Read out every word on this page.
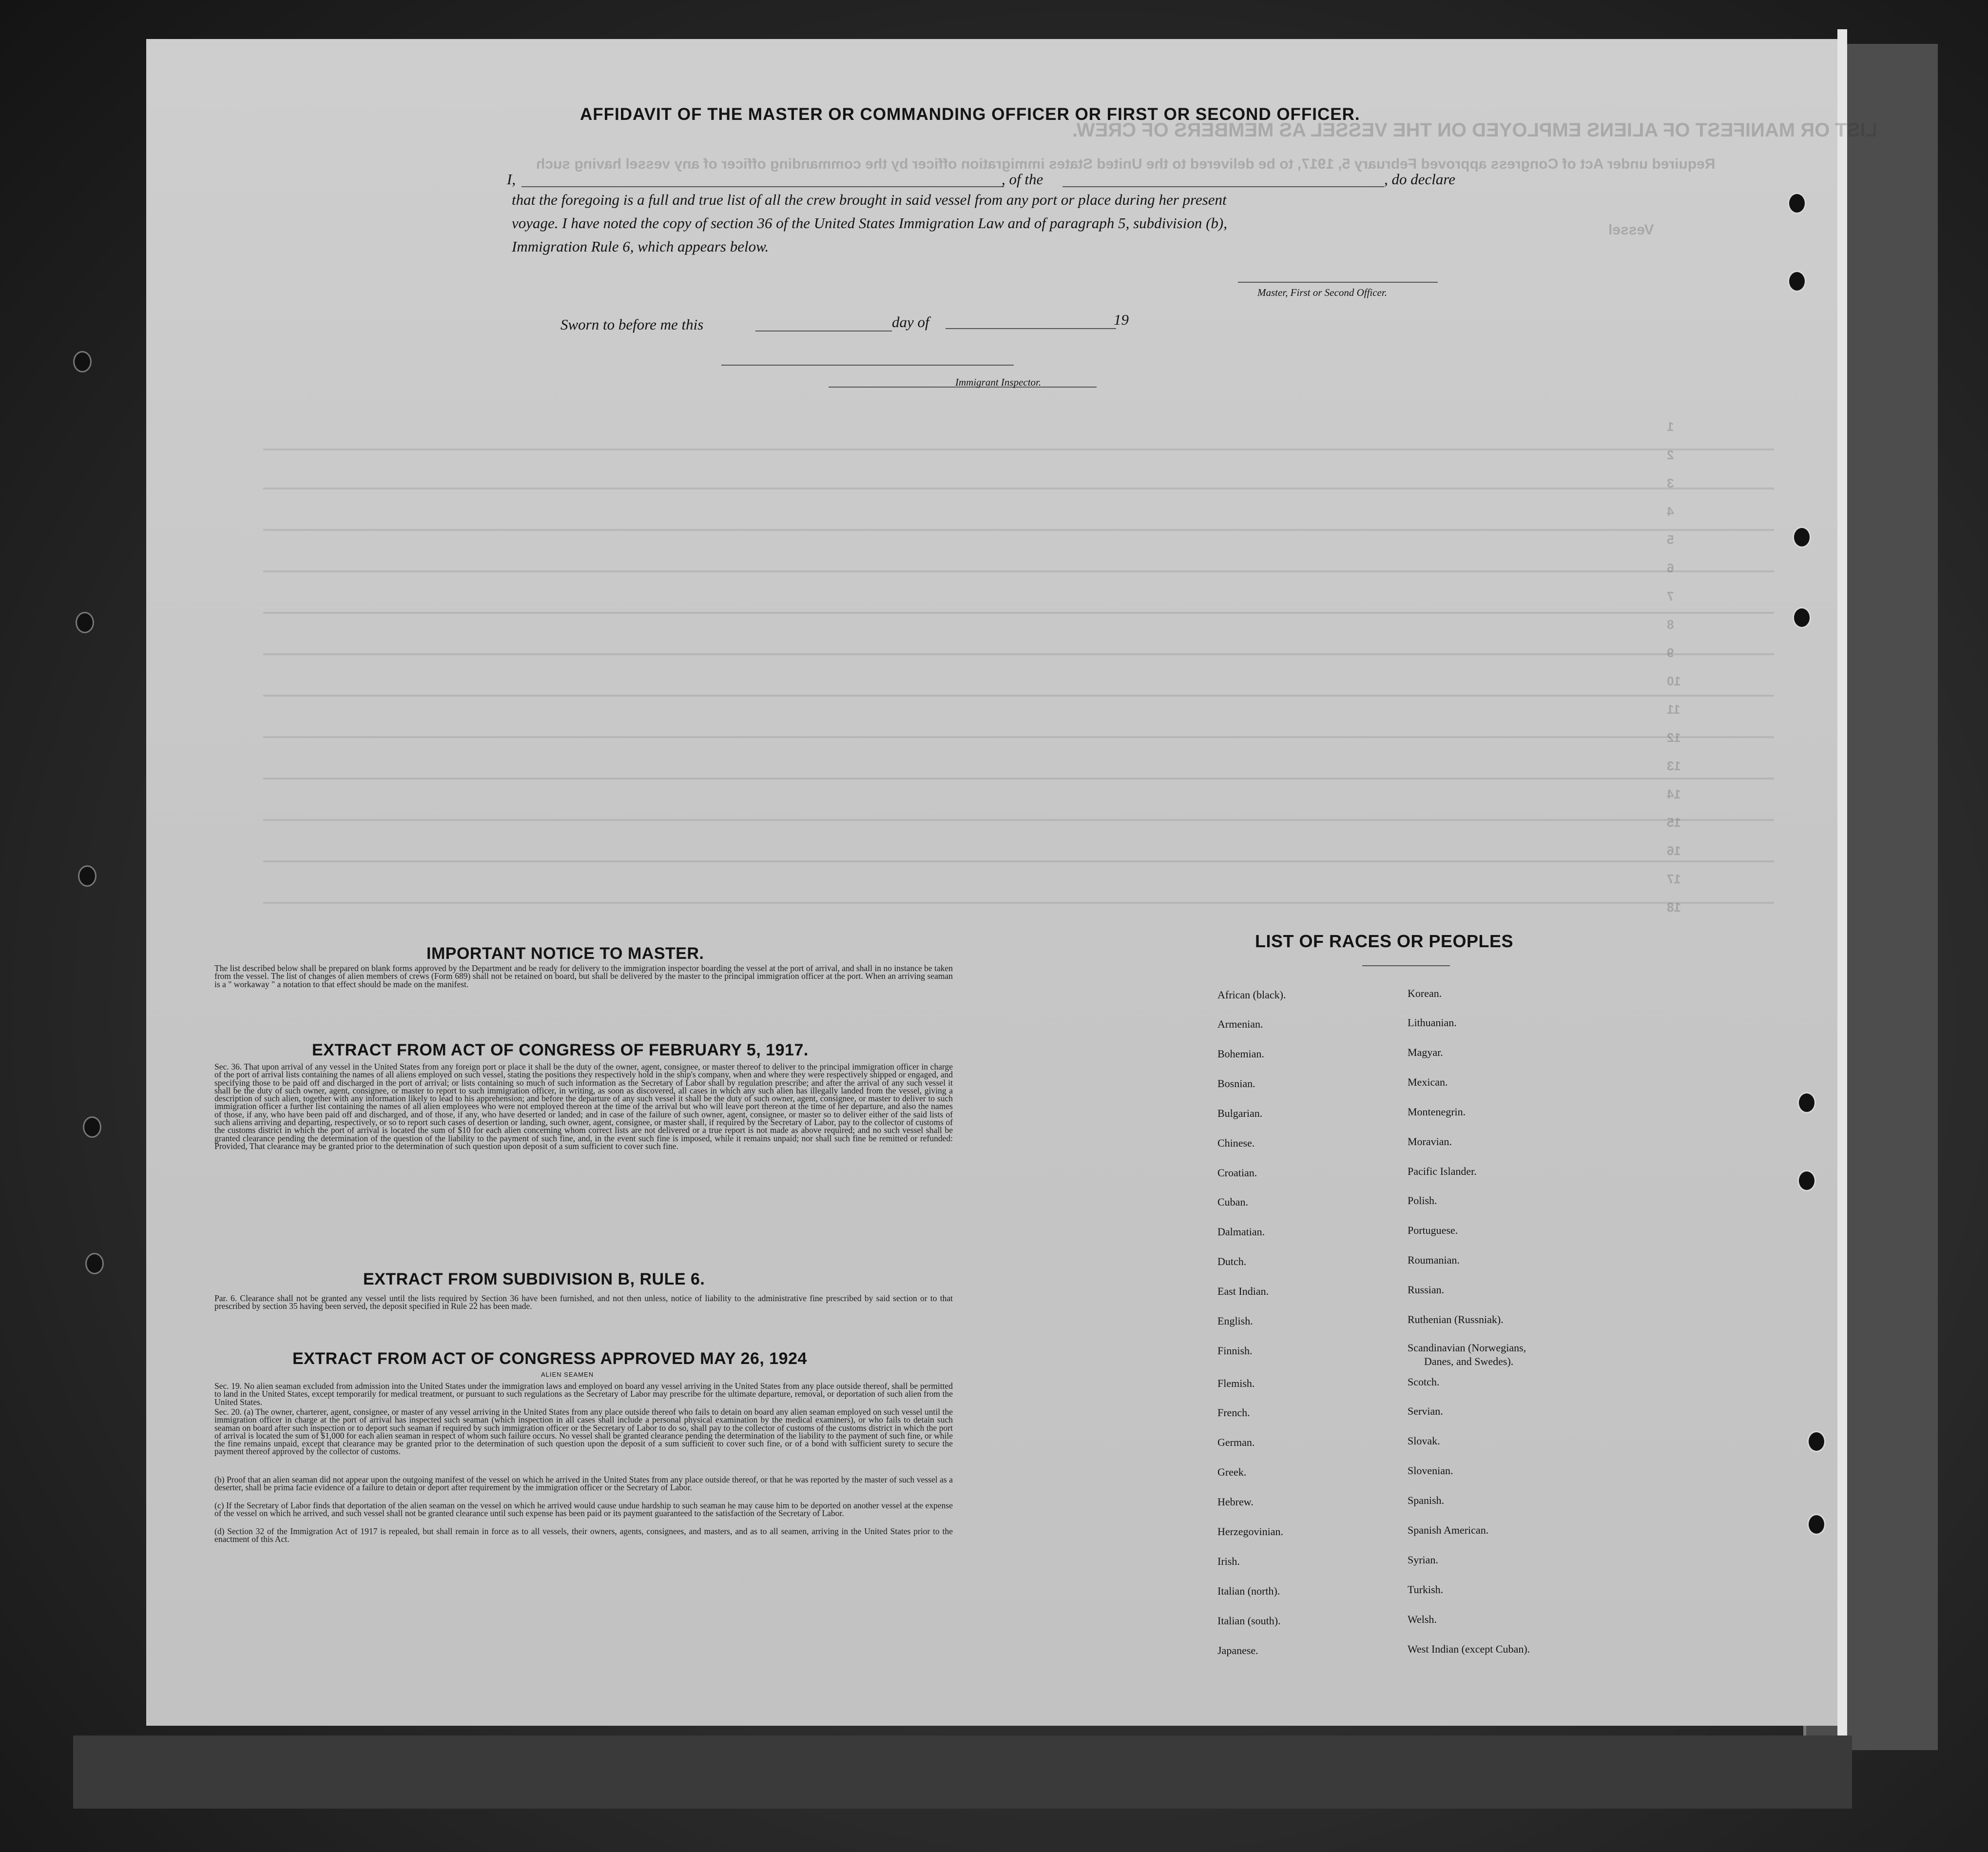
LIST OR MANIFEST OF ALIENS EMPLOYED ON THE VESSEL AS MEMBERS OF CREW.
Required under Act of Congress approved February 5, 1917, to be delivered to the United States immigration officer by the commanding officer of any vessel having such
Vessel
AFFIDAVIT OF THE MASTER OR COMMANDING OFFICER OR FIRST OR SECOND OFFICER.
I,	, of the	, do declare
that the foregoing is a full and true list of all the crew brought in said vessel from any port or place during her present
voyage. I have noted the copy of section 36 of the United States Immigration Law and of paragraph 5, subdivision (b),
Immigration Rule 6, which appears below.
Master, First or Second Officer.
Sworn to before me this	day of	19
Immigrant Inspector.
IMPORTANT NOTICE TO MASTER.
The list described below shall be prepared on blank forms approved by the Department and be ready for delivery to the immigration inspector boarding the vessel at the port of arrival, and shall in no instance be taken from the vessel. The list of changes of alien members of crews (Form 689) shall not be retained on board, but shall be delivered by the master to the principal immigration officer at the port. When an arriving seaman is a " workaway " a notation to that effect should be made on the manifest.
EXTRACT FROM ACT OF CONGRESS OF FEBRUARY 5, 1917.
Sec. 36. That upon arrival of any vessel in the United States from any foreign port or place it shall be the duty of the owner, agent, consignee, or master thereof to deliver to the principal immigration officer in charge of the port of arrival lists containing the names of all aliens employed on such vessel, stating the positions they respectively hold in the ship's company, when and where they were respectively shipped or engaged, and specifying those to be paid off and discharged in the port of arrival; or lists containing so much of such information as the Secretary of Labor shall by regulation prescribe; and after the arrival of any such vessel it shall be the duty of such owner, agent, consignee, or master to report to such immigration officer, in writing, as soon as discovered, all cases in which any such alien has illegally landed from the vessel, giving a description of such alien, together with any information likely to lead to his apprehension; and before the departure of any such vessel it shall be the duty of such owner, agent, consignee, or master to deliver to such immigration officer a further list containing the names of all alien employees who were not employed thereon at the time of the arrival but who will leave port thereon at the time of her departure, and also the names of those, if any, who have been paid off and discharged, and of those, if any, who have deserted or landed; and in case of the failure of such owner, agent, consignee, or master so to deliver either of the said lists of such aliens arriving and departing, respectively, or so to report such cases of desertion or landing, such owner, agent, consignee, or master shall, if required by the Secretary of Labor, pay to the collector of customs of the customs district in which the port of arrival is located the sum of $10 for each alien concerning whom correct lists are not delivered or a true report is not made as above required; and no such vessel shall be granted clearance pending the determination of the question of the liability to the payment of such fine, and, in the event such fine is imposed, while it remains unpaid; nor shall such fine be remitted or refunded: Provided, That clearance may be granted prior to the determination of such question upon deposit of a sum sufficient to cover such fine.
EXTRACT FROM SUBDIVISION B, RULE 6.
Par. 6. Clearance shall not be granted any vessel until the lists required by Section 36 have been furnished, and not then unless, notice of liability to the administrative fine prescribed by said section or to that prescribed by section 35 having been served, the deposit specified in Rule 22 has been made.
EXTRACT FROM ACT OF CONGRESS APPROVED MAY 26, 1924
ALIEN SEAMEN
Sec. 19. No alien seaman excluded from admission into the United States under the immigration laws and employed on board any vessel arriving in the United States from any place outside thereof, shall be permitted to land in the United States, except temporarily for medical treatment, or pursuant to such regulations as the Secretary of Labor may prescribe for the ultimate departure, removal, or deportation of such alien from the United States.
Sec. 20. (a) The owner, charterer, agent, consignee, or master of any vessel arriving in the United States from any place outside thereof who fails to detain on board any alien seaman employed on such vessel until the immigration officer in charge at the port of arrival has inspected such seaman (which inspection in all cases shall include a personal physical examination by the medical examiners), or who fails to detain such seaman on board after such inspection or to deport such seaman if required by such immigration officer or the Secretary of Labor to do so, shall pay to the collector of customs of the customs district in which the port of arrival is located the sum of $1,000 for each alien seaman in respect of whom such failure occurs. No vessel shall be granted clearance pending the determination of the liability to the payment of such fine, or while the fine remains unpaid, except that clearance may be granted prior to the determination of such question upon the deposit of a sum sufficient to cover such fine, or of a bond with sufficient surety to secure the payment thereof approved by the collector of customs.
(b) Proof that an alien seaman did not appear upon the outgoing manifest of the vessel on which he arrived in the United States from any place outside thereof, or that he was reported by the master of such vessel as a deserter, shall be prima facie evidence of a failure to detain or deport after requirement by the immigration officer or the Secretary of Labor.
(c) If the Secretary of Labor finds that deportation of the alien seaman on the vessel on which he arrived would cause undue hardship to such seaman he may cause him to be deported on another vessel at the expense of the vessel on which he arrived, and such vessel shall not be granted clearance until such expense has been paid or its payment guaranteed to the satisfaction of the Secretary of Labor.
(d) Section 32 of the Immigration Act of 1917 is repealed, but shall remain in force as to all vessels, their owners, agents, consignees, and masters, and as to all seamen, arriving in the United States prior to the enactment of this Act.
LIST OF RACES OR PEOPLES
African (black).
Armenian.
Bohemian.
Bosnian.
Bulgarian.
Chinese.
Croatian.
Cuban.
Dalmatian.
Dutch.
East Indian.
English.
Finnish.
Flemish.
French.
German.
Greek.
Hebrew.
Herzegovinian.
Irish.
Italian (north).
Italian (south).
Japanese.
Korean.
Lithuanian.
Magyar.
Mexican.
Montenegrin.
Moravian.
Pacific Islander.
Polish.
Portuguese.
Roumanian.
Russian.
Ruthenian (Russniak).
Scandinavian (Norwegians,
Danes, and Swedes).
Scotch.
Servian.
Slovak.
Slovenian.
Spanish.
Spanish American.
Syrian.
Turkish.
Welsh.
West Indian (except Cuban).
1
2
3
4
5
6
7
8
9
10
11
12
13
14
15
16
17
18
